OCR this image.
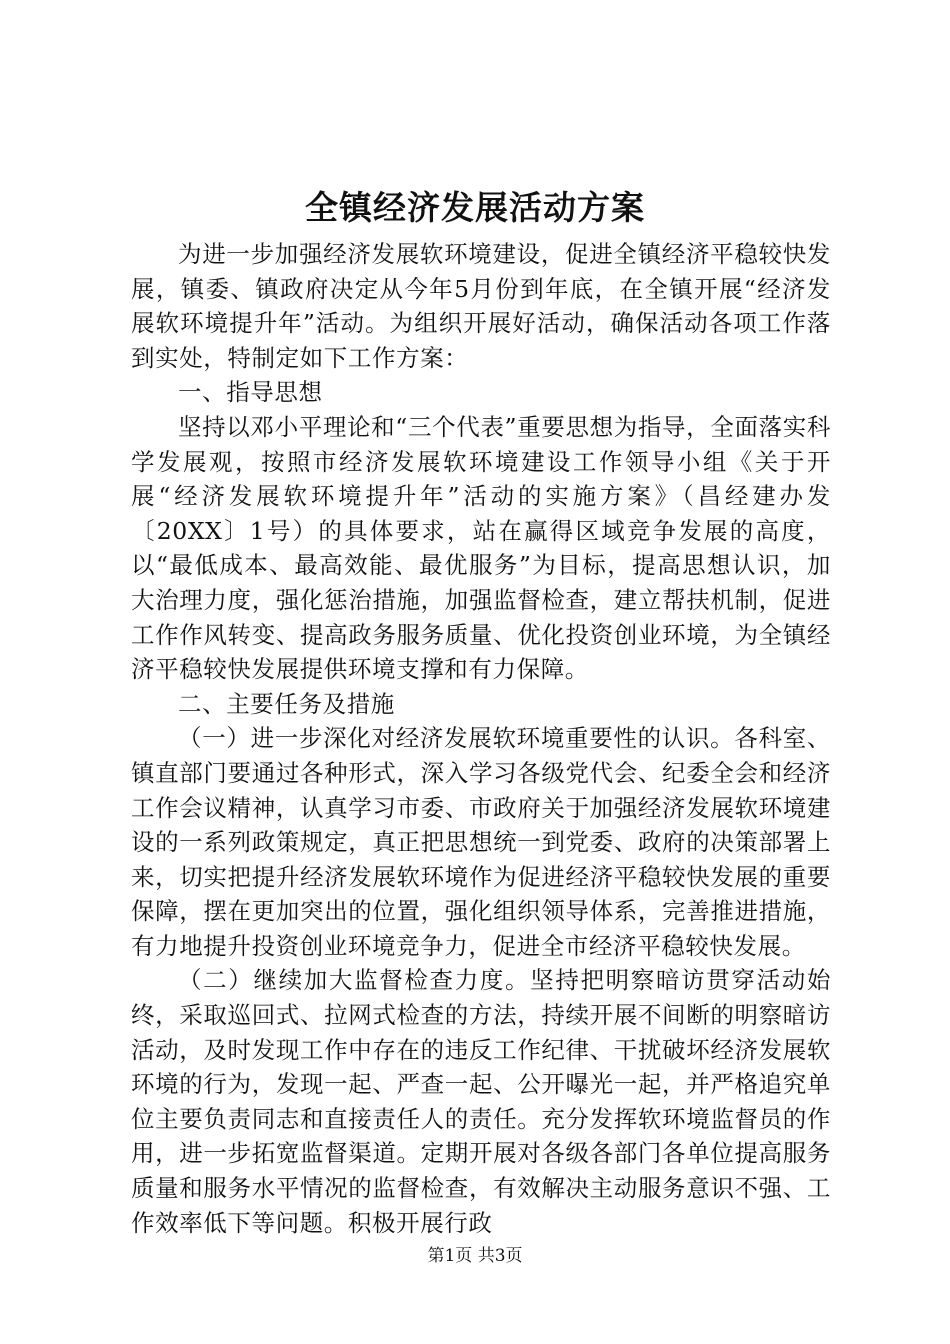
全镇经济发展活动方案

为进一步加强经济发展软环境建设，促进全镇经济平稳较快发展，镇委、镇政府决定从今年5月份到年底，在全镇开展“经济发展软环境提升年”活动。为组织开展好活动，确保活动各项工作落到实处，特制定如下工作方案：

一、指导思想

坚持以邓小平理论和“三个代表”重要思想为指导，全面落实科学发展观，按照市经济发展软环境建设工作领导小组《关于开展“经济发展软环境提升年”活动的实施方案》（昌经建办发〔20XX〕1号）的具体要求，站在赢得区域竞争发展的高度，以“最低成本、最高效能、最优服务”为目标，提高思想认识，加大治理力度，强化惩治措施，加强监督检查，建立帮扶机制，促进工作作风转变、提高政务服务质量、优化投资创业环境，为全镇经济平稳较快发展提供环境支撑和有力保障。

二、主要任务及措施

（一）进一步深化对经济发展软环境重要性的认识。各科室、镇直部门要通过各种形式，深入学习各级党代会、纪委全会和经济工作会议精神，认真学习市委、市政府关于加强经济发展软环境建设的一系列政策规定，真正把思想统一到党委、政府的决策部署上来，切实把提升经济发展软环境作为促进经济平稳较快发展的重要保障，摆在更加突出的位置，强化组织领导体系，完善推进措施，有力地提升投资创业环境竞争力，促进全市经济平稳较快发展。

（二）继续加大监督检查力度。坚持把明察暗访贯穿活动始终，采取巡回式、拉网式检查的方法，持续开展不间断的明察暗访活动，及时发现工作中存在的违反工作纪律、干扰破坏经济发展软环境的行为，发现一起、严查一起、公开曝光一起，并严格追究单位主要负责同志和直接责任人的责任。充分发挥软环境监督员的作用，进一步拓宽监督渠道。定期开展对各级各部门各单位提高服务质量和服务水平情况的监督检查，有效解决主动服务意识不强、工作效率低下等问题。积极开展行政

第1页 共3页
